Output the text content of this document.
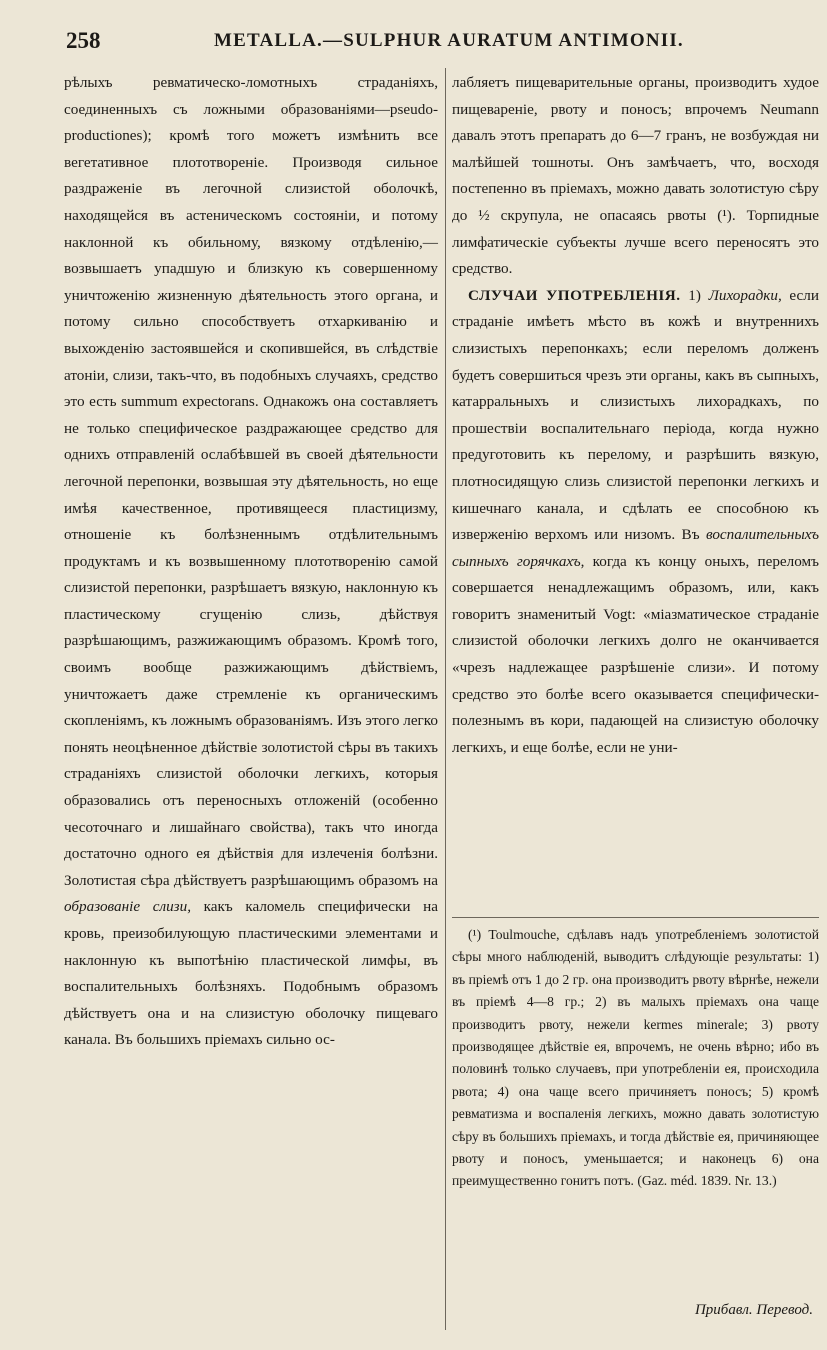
258	METALLA.—SULPHUR AURATUM ANTIMONII.

рѣлыхъ ревматическо-ломотныхъ страданіяхъ, соединенныхъ съ ложными образованіями—pseudo-productiones); кромѣ того можетъ измѣнить все вегетативное плототвореніе. Производя сильное раздраженіе въ легочной слизистой оболочкѣ, находящейся въ астеническомъ состояніи, и потому наклонной къ обильному, вязкому отдѣленію,—возвышаетъ упадшую и близкую къ совершенному уничтоженію жизненную дѣятельность этого органа, и потому сильно способствуетъ отхаркиванію и выхожденію застоявшейся и скопившейся, въ слѣдствіе атоніи, слизи, такъ-что, въ подобныхъ случаяхъ, средство это есть summum expectorans. Однакожъ она составляетъ не только специфическое раздражающее средство для однихъ отправленій ослабѣвшей въ своей дѣятельности легочной перепонки, возвышая эту дѣятельность, но еще имѣя качественное, противящееся пластицизму, отношеніе къ болѣзненнымъ отдѣлительнымъ продуктамъ и къ возвышенному плототворенію самой слизистой перепонки, разрѣшаетъ вязкую, наклонную къ пластическому сгущенію слизь, дѣйствуя разрѣшающимъ, разжижающимъ образомъ. Кромѣ того, своимъ вообще разжижающимъ дѣйствіемъ, уничтожаетъ даже стремленіе къ органическимъ скопленіямъ, къ ложнымъ образованіямъ. Изъ этого легко понять неоцѣненное дѣйствіе золотистой сѣры въ такихъ страданіяхъ слизистой оболочки легкихъ, которыя образовались отъ переносныхъ отложеній (особенно чесоточнаго и лишайнаго свойства), такъ что иногда достаточно одного ея дѣйствія для излеченія болѣзни. Золотистая сѣра дѣйствуетъ разрѣшающимъ образомъ на образованіе слизи, какъ каломель специфически на кровь, преизобилующую пластическими элементами и наклонную къ выпотѣнію пластической лимфы, въ воспалительныхъ болѣзняхъ. Подобнымъ образомъ дѣйствуетъ она и на слизистую оболочку пищеваго канала. Въ большихъ пріемахъ сильно ос-

лабляетъ пищеварительные органы, производитъ худое пищевареніе, рвоту и поносъ; впрочемъ Neumann давалъ этотъ препаратъ до 6—7 гранъ, не возбуждая ни малѣйшей тошноты. Онъ замѣчаетъ, что, восходя постепенно въ пріемахъ, можно давать золотистую сѣру до ½ скрупула, не опасаясь рвоты (¹). Торпидные лимфатическіе субъекты лучше всего переносятъ это средство.

СЛУЧАИ УПОТРЕБЛЕНІЯ. 1) Лихорадки, если страданіе имѣетъ мѣсто въ кожѣ и внутреннихъ слизистыхъ перепонкахъ; если переломъ долженъ будетъ совершиться чрезъ эти органы, какъ въ сыпныхъ, катарральныхъ и слизистыхъ лихорадкахъ, по прошествіи воспалительнаго періода, когда нужно предуготовить къ перелому, и разрѣшить вязкую, плотносидящую слизь слизистой перепонки легкихъ и кишечнаго канала, и сдѣлать ее способною къ изверженію верхомъ или низомъ. Въ воспалительныхъ сыпныхъ горячкахъ, когда къ концу оныхъ, переломъ совершается ненадлежащимъ образомъ, или, какъ говоритъ знаменитый Vogt: «міазматическое страданіе слизистой оболочки легкихъ долго не оканчивается «чрезъ надлежащее разрѣшеніе слизи». И потому средство это болѣе всего оказывается специфически-полезнымъ въ кори, падающей на слизистую оболочку легкихъ, и еще болѣе, если не уни-

(¹) Toulmouche, сдѣлавъ надъ употребленіемъ золотистой сѣры много наблюденій, выводитъ слѣдующіе результаты: 1) въ пріемѣ отъ 1 до 2 гр. она производитъ рвоту вѣрнѣе, нежели въ пріемѣ 4—8 гр.; 2) въ малыхъ пріемахъ она чаще производитъ рвоту, нежели kermes minerale; 3) рвоту производящее дѣйствіе ея, впрочемъ, не очень вѣрно; ибо въ половинѣ только случаевъ, при употребленіи ея, происходила рвота; 4) она чаще всего причиняетъ поносъ; 5) кромѣ ревматизма и воспаленія легкихъ, можно давать золотистую сѣру въ большихъ пріемахъ, и тогда дѣйствіе ея, причиняющее рвоту и поносъ, уменьшается; и наконецъ 6) она преимущественно гонитъ потъ. (Gaz. méd. 1839. Nr. 13.)

Прибавл. Перевод.
